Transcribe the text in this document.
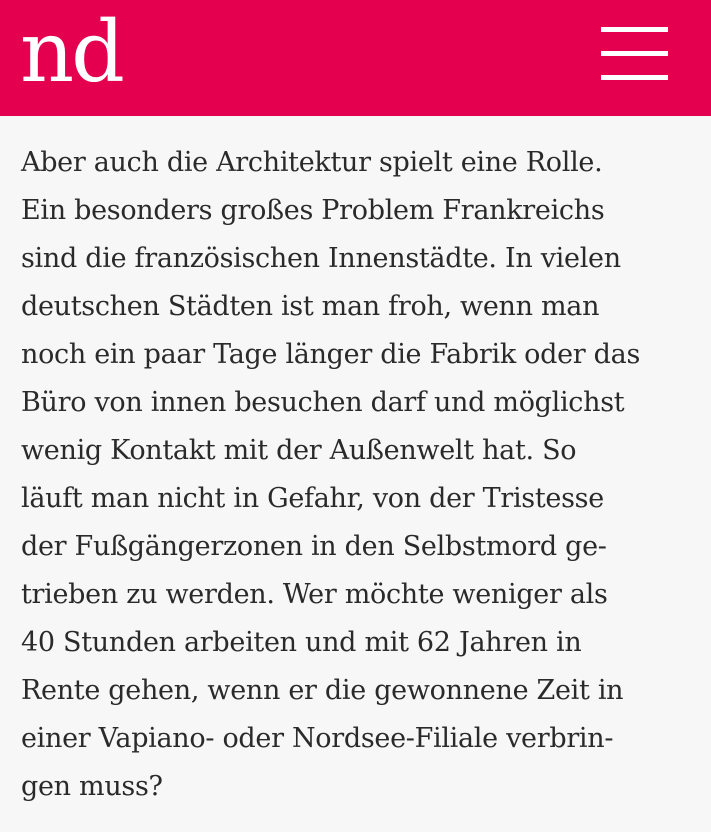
nd

Aber auch die Architektur spielt eine Rolle.
Ein besonders großes Problem Frankreichs
sind die französischen Innenstädte. In vielen
deutschen Städten ist man froh, wenn man
noch ein paar Tage länger die Fabrik oder das
Büro von innen besuchen darf und möglichst
wenig Kontakt mit der Außenwelt hat. So
läuft man nicht in Gefahr, von der Tristesse
der Fußgängerzonen in den Selbstmord ge-
trieben zu werden. Wer möchte weniger als
40 Stunden arbeiten und mit 62 Jahren in
Rente gehen, wenn er die gewonnene Zeit in
einer Vapiano- oder Nordsee-Filiale verbrin-
gen muss?
